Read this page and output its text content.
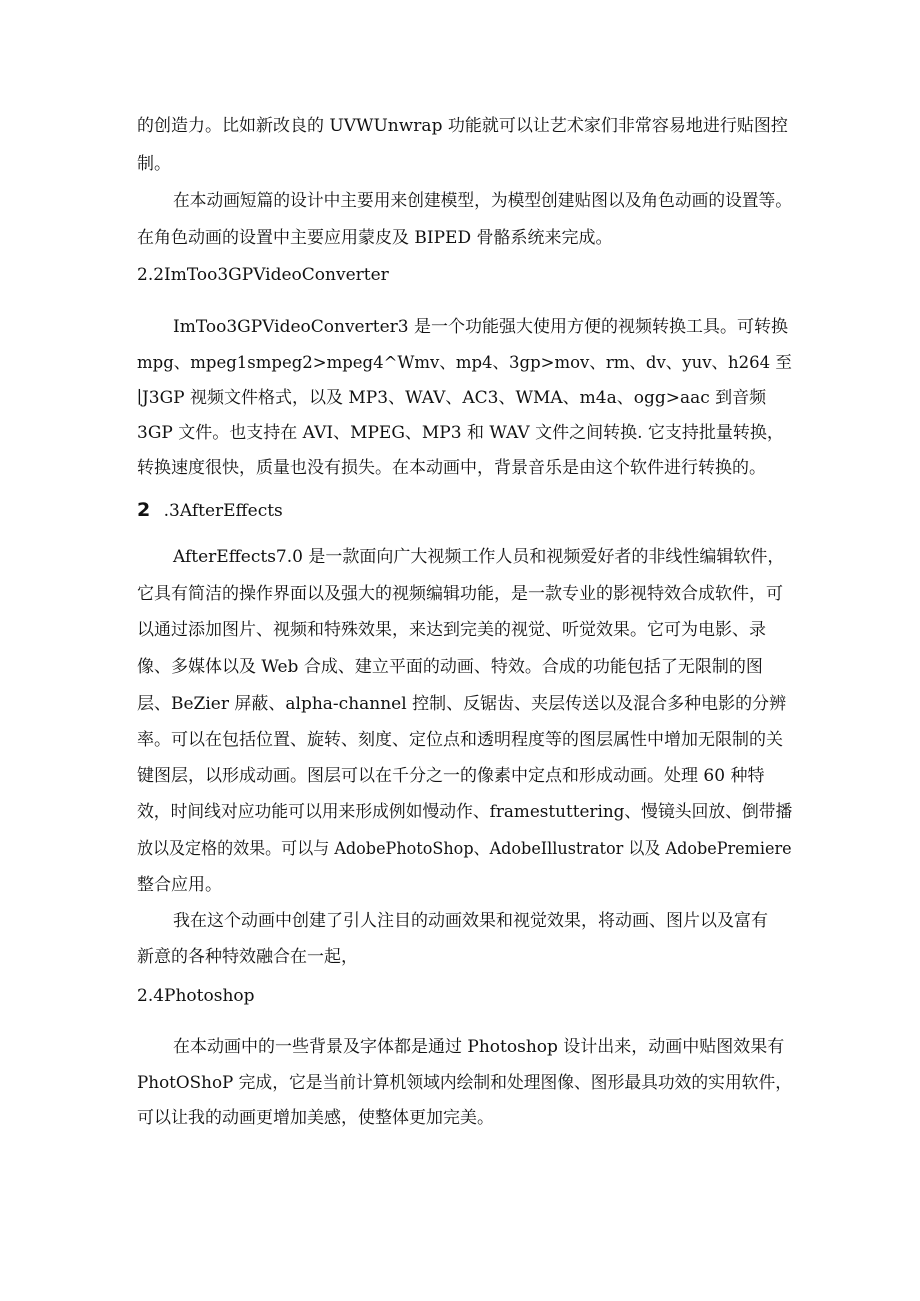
的创造力。比如新改良的 UVWUnwrap 功能就可以让艺术家们非常容易地进行贴图控
制。
在本动画短篇的设计中主要用来创建模型，为模型创建贴图以及角色动画的设置等。
在角色动画的设置中主要应用蒙皮及 BIPED 骨骼系统来完成。
2.2ImToo3GPVideoConverter
ImToo3GPVideoConverter3 是一个功能强大使用方便的视频转换工具。可转换
mpg、mpeg1smpeg2>mpeg4^Wmv、mp4、3gp>mov、rm、dv、yuv、h264 至
∣J3GP 视频文件格式，以及 MP3、WAV、AC3、WMA、m4a、ogg>aac 到音频
3GP 文件。也支持在 AVI、MPEG、MP3 和 WAV 文件之间转换. 它支持批量转换，
转换速度很快，质量也没有损失。在本动画中，背景音乐是由这个软件进行转换的。
2 .3AfterEffects
AfterEffects7.0 是一款面向广大视频工作人员和视频爱好者的非线性编辑软件，
它具有简洁的操作界面以及强大的视频编辑功能，是一款专业的影视特效合成软件，可
以通过添加图片、视频和特殊效果，来达到完美的视觉、听觉效果。它可为电影、录
像、多媒体以及 Web 合成、建立平面的动画、特效。合成的功能包括了无限制的图
层、BeZier 屏蔽、alpha-channel 控制、反锯齿、夹层传送以及混合多种电影的分辨
率。可以在包括位置、旋转、刻度、定位点和透明程度等的图层属性中增加无限制的关
键图层，以形成动画。图层可以在千分之一的像素中定点和形成动画。处理 60 种特
效，时间线对应功能可以用来形成例如慢动作、framestuttering、慢镜头回放、倒带播
放以及定格的效果。可以与 AdobePhotoShop、AdobeIllustrator 以及 AdobePremiere
整合应用。
我在这个动画中创建了引人注目的动画效果和视觉效果，将动画、图片以及富有
新意的各种特效融合在一起，
2.4Photoshop
在本动画中的一些背景及字体都是通过 Photoshop 设计出来，动画中贴图效果有
PhotOShoP 完成，它是当前计算机领域内绘制和处理图像、图形最具功效的实用软件，
可以让我的动画更增加美感，使整体更加完美。
